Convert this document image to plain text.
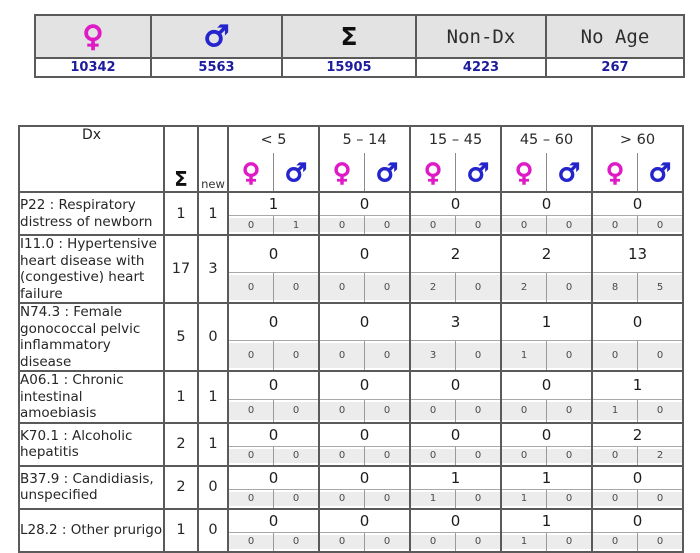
♀	♂	Σ	Non-Dx	No Age
10342	5563	15905	4223	267
Dx	Σ	new	< 5		5 – 14		15 – 45		45 – 60		> 60	
			♀	♂	♀	♂	♀	♂	♀	♂	♀	♂
P22 : Respiratory distress of newborn	1	1	1		0		0		0		0	
			0	1	0	0	0	0	0	0	0	0
I11.0 : Hypertensive heart disease with (congestive) heart failure	17	3	0		0		2		2		13	
			0	0	0	0	2	0	2	0	8	5
N74.3 : Female gonococcal pelvic inflammatory disease	5	0	0		0		3		1		0	
			0	0	0	0	3	0	1	0	0	0
A06.1 : Chronic intestinal amoebiasis	1	1	0		0		0		0		1	
			0	0	0	0	0	0	0	0	1	0
K70.1 : Alcoholic hepatitis	2	1	0		0		0		0		2	
			0	0	0	0	0	0	0	0	0	2
B37.9 : Candidiasis, unspecified	2	0	0		0		1		1		0	
			0	0	0	0	1	0	1	0	0	0
L28.2 : Other prurigo	1	0	0		0		0		1		0	
			0	0	0	0	0	0	1	0	0	0
